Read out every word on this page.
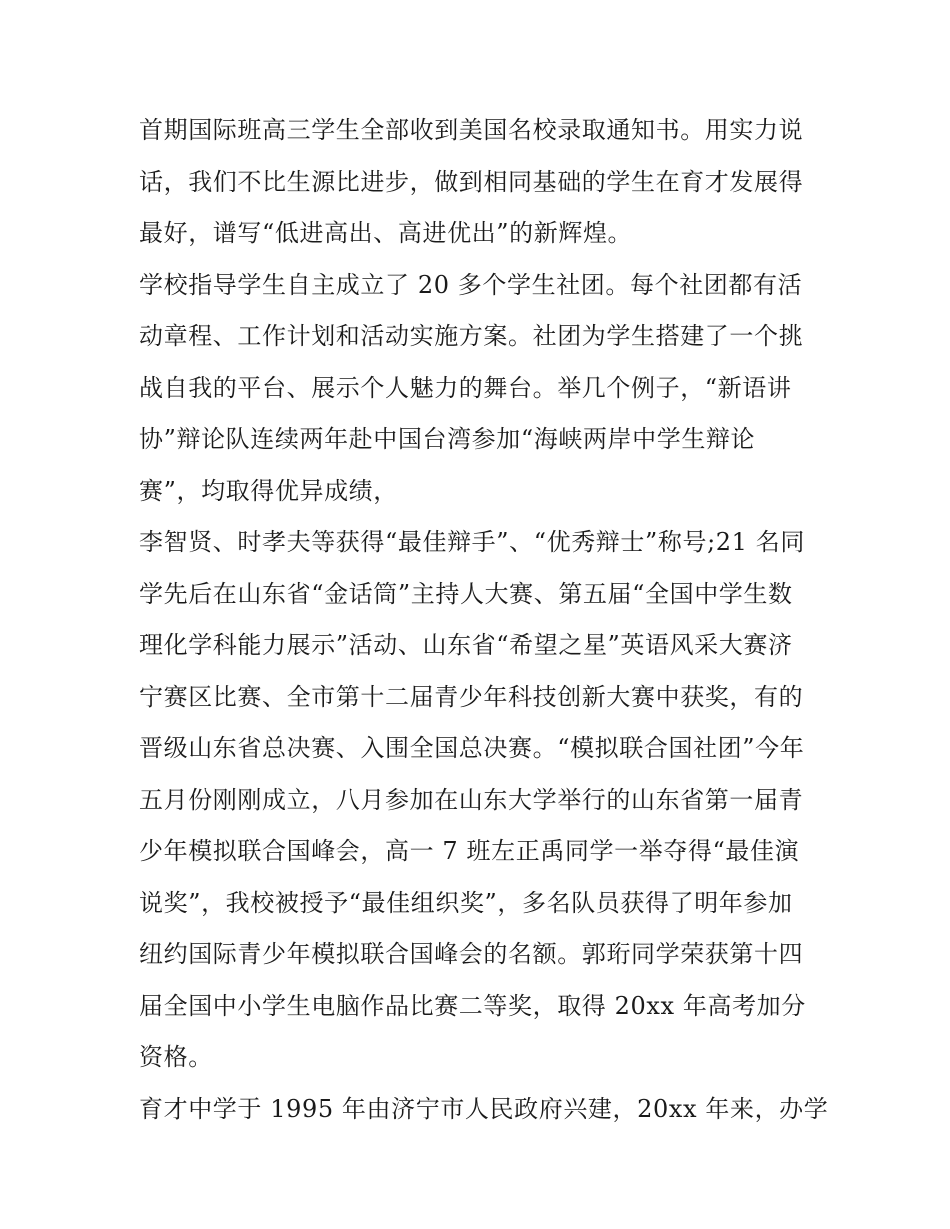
首期国际班高三学生全部收到美国名校录取通知书。用实力说
话，我们不比生源比进步，做到相同基础的学生在育才发展得
最好，谱写“低进高出、高进优出”的新辉煌。
学校指导学生自主成立了 20 多个学生社团。每个社团都有活
动章程、工作计划和活动实施方案。社团为学生搭建了一个挑
战自我的平台、展示个人魅力的舞台。举几个例子，“新语讲
协”辩论队连续两年赴中国台湾参加“海峡两岸中学生辩论
赛”，均取得优异成绩，
李智贤、时孝夫等获得“最佳辩手”、“优秀辩士”称号;21 名同
学先后在山东省“金话筒”主持人大赛、第五届“全国中学生数
理化学科能力展示”活动、山东省“希望之星”英语风采大赛济
宁赛区比赛、全市第十二届青少年科技创新大赛中获奖，有的
晋级山东省总决赛、入围全国总决赛。“模拟联合国社团”今年
五月份刚刚成立，八月参加在山东大学举行的山东省第一届青
少年模拟联合国峰会，高一 7 班左正禹同学一举夺得“最佳演
说奖”，我校被授予“最佳组织奖”，多名队员获得了明年参加
纽约国际青少年模拟联合国峰会的名额。郭珩同学荣获第十四
届全国中小学生电脑作品比赛二等奖，取得 20xx 年高考加分
资格。
育才中学于 1995 年由济宁市人民政府兴建，20xx 年来，办学
